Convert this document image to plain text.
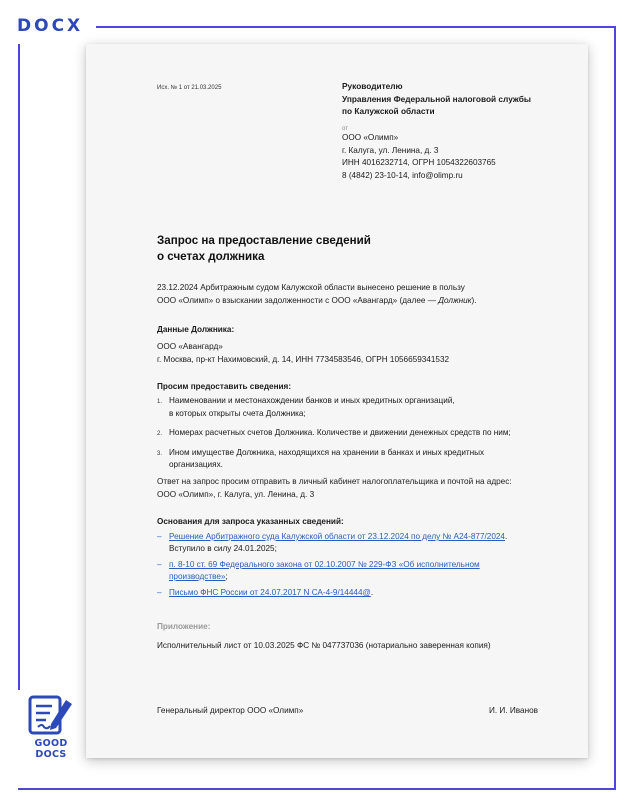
DOCX
GOOD
DOCS
Исх. № 1 от 21.03.2025	Руководителю
Управления Федеральной налоговой службы
по Калужской области
от
ООО «Олимп»
г. Калуга, ул. Ленина, д. 3
ИНН 4016232714, ОГРН 1054322603765
8 (4842) 23-10-14, info@olimp.ru
Запрос на предоставление сведений
о счетах должника
23.12.2024 Арбитражным судом Калужской области вынесено решение в пользу
ООО «Олимп» о взыскании задолженности с ООО «Авангард» (далее — Должник).
Данные Должника:
ООО «Авангард»
г. Москва, пр-кт Нахимовский, д. 14, ИНН 7734583546, ОГРН 1056659341532
Просим предоставить сведения:
1. Наименовании и местонахождении банков и иных кредитных организаций,
в которых открыты счета Должника;
2. Номерах расчетных счетов Должника. Количестве и движении денежных средств по ним;
3. Ином имуществе Должника, находящихся на хранении в банках и иных кредитных
организациях.
Ответ на запрос просим отправить в личный кабинет налогоплательщика и почтой на адрес:
ООО «Олимп», г. Калуга, ул. Ленина, д. 3
Основания для запроса указанных сведений:
– Решение Арбитражного суда Калужской области от 23.12.2024 по делу № А24-877/2024.
Вступило в силу 24.01.2025;
– п. 8-10 ст. 69 Федерального закона от 02.10.2007 № 229-ФЗ «Об исполнительном
производстве»;
– Письмо ФНС России от 24.07.2017 N СА-4-9/14444@.
Приложение:
Исполнительный лист от 10.03.2025 ФС № 047737036 (нотариально заверенная копия)
Генеральный директор ООО «Олимп»	И. И. Иванов
